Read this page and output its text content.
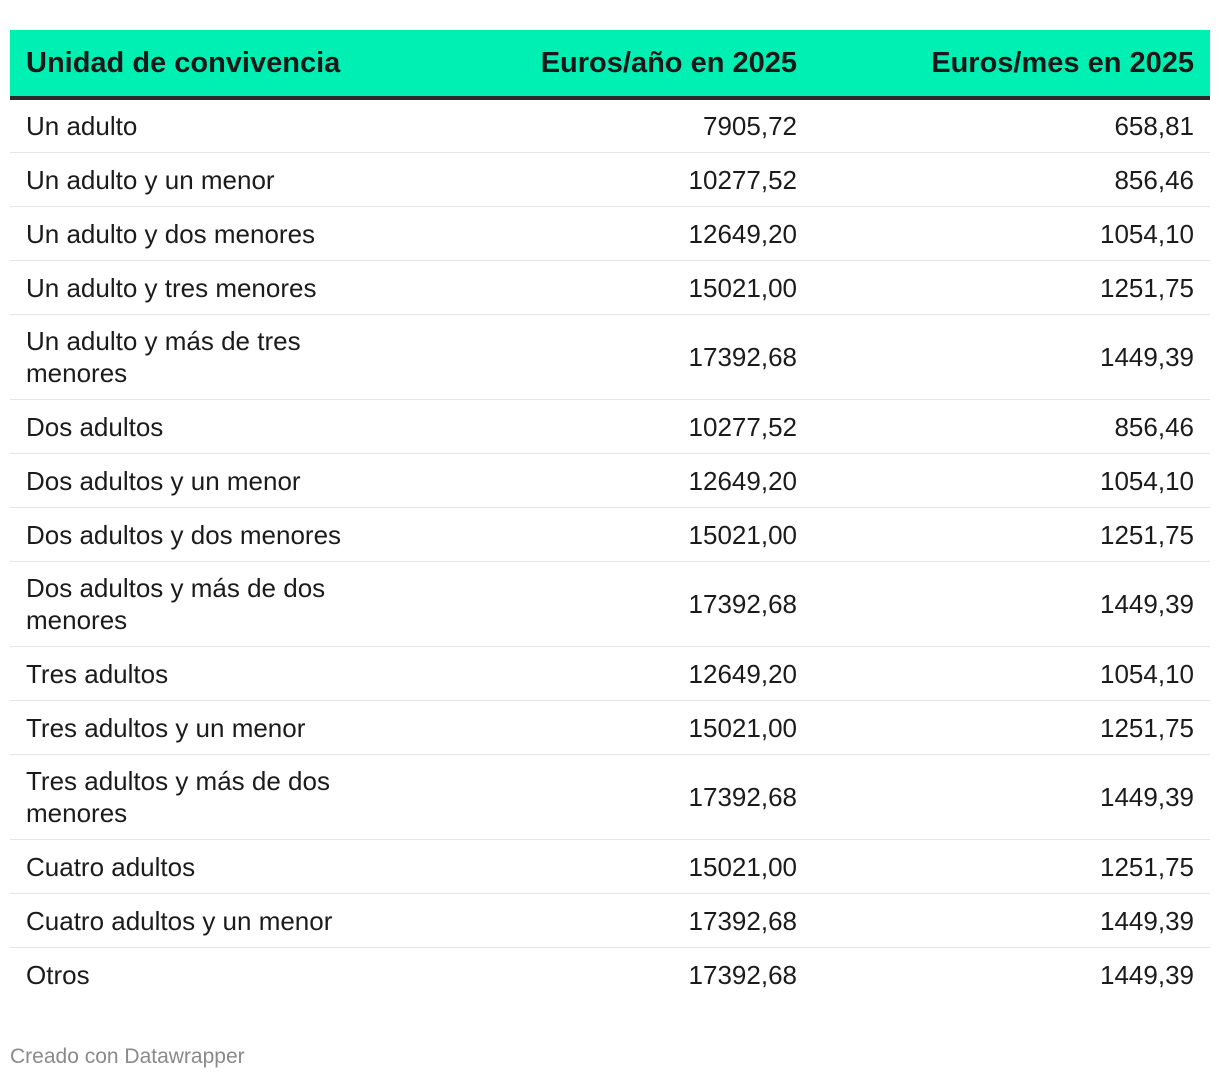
Unidad de convivencia	Euros/año en 2025	Euros/mes en 2025
Un adulto	7905,72	658,81
Un adulto y un menor	10277,52	856,46
Un adulto y dos menores	12649,20	1054,10
Un adulto y tres menores	15021,00	1251,75
Un adulto y más de tres menores	17392,68	1449,39
Dos adultos	10277,52	856,46
Dos adultos y un menor	12649,20	1054,10
Dos adultos y dos menores	15021,00	1251,75
Dos adultos y más de dos menores	17392,68	1449,39
Tres adultos	12649,20	1054,10
Tres adultos y un menor	15021,00	1251,75
Tres adultos y más de dos menores	17392,68	1449,39
Cuatro adultos	15021,00	1251,75
Cuatro adultos y un menor	17392,68	1449,39
Otros	17392,68	1449,39
Creado con Datawrapper
